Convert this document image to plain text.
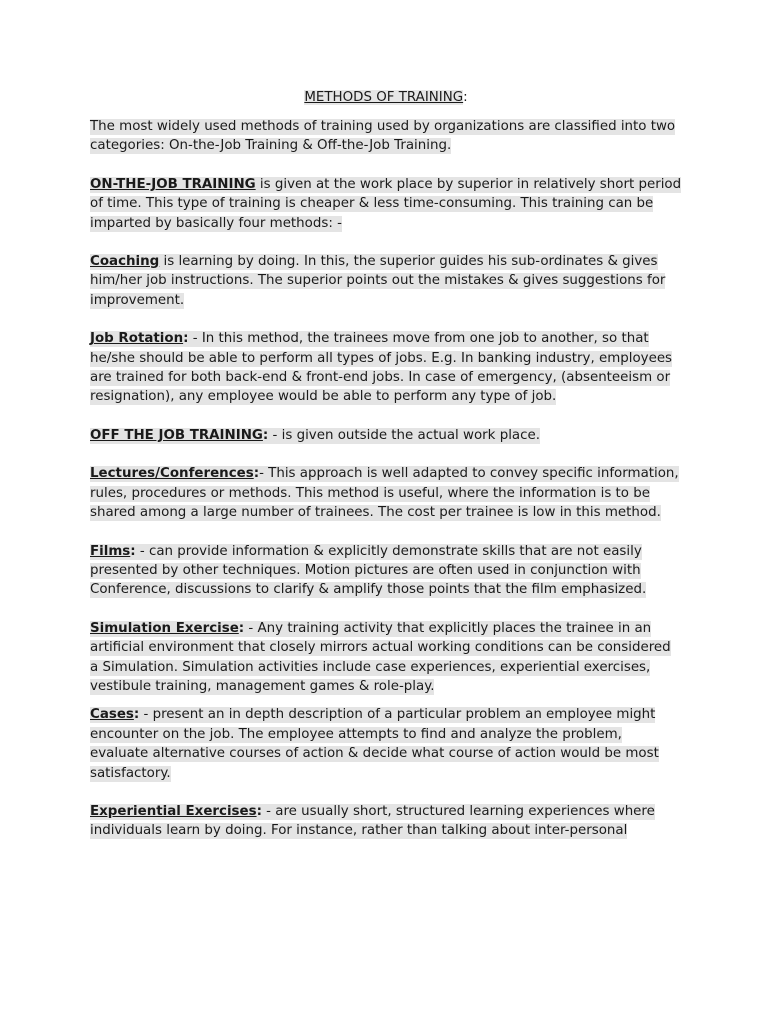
METHODS OF TRAINING:

The most widely used methods of training used by organizations are classified into two categories: On-the-Job Training & Off-the-Job Training.

ON-THE-JOB TRAINING is given at the work place by superior in relatively short period of time. This type of training is cheaper & less time-consuming. This training can be imparted by basically four methods: -

Coaching is learning by doing. In this, the superior guides his sub-ordinates & gives him/her job instructions. The superior points out the mistakes & gives suggestions for improvement.

Job Rotation: - In this method, the trainees move from one job to another, so that he/she should be able to perform all types of jobs. E.g. In banking industry, employees are trained for both back-end & front-end jobs. In case of emergency, (absenteeism or resignation), any employee would be able to perform any type of job.

OFF THE JOB TRAINING: - is given outside the actual work place.

Lectures/Conferences:- This approach is well adapted to convey specific information, rules, procedures or methods. This method is useful, where the information is to be shared among a large number of trainees. The cost per trainee is low in this method.

Films: - can provide information & explicitly demonstrate skills that are not easily presented by other techniques. Motion pictures are often used in conjunction with Conference, discussions to clarify & amplify those points that the film emphasized.

Simulation Exercise: - Any training activity that explicitly places the trainee in an artificial environment that closely mirrors actual working conditions can be considered a Simulation. Simulation activities include case experiences, experiential exercises, vestibule training, management games & role-play.

Cases: - present an in depth description of a particular problem an employee might encounter on the job. The employee attempts to find and analyze the problem, evaluate alternative courses of action & decide what course of action would be most satisfactory.

Experiential Exercises: - are usually short, structured learning experiences where individuals learn by doing. For instance, rather than talking about inter-personal
